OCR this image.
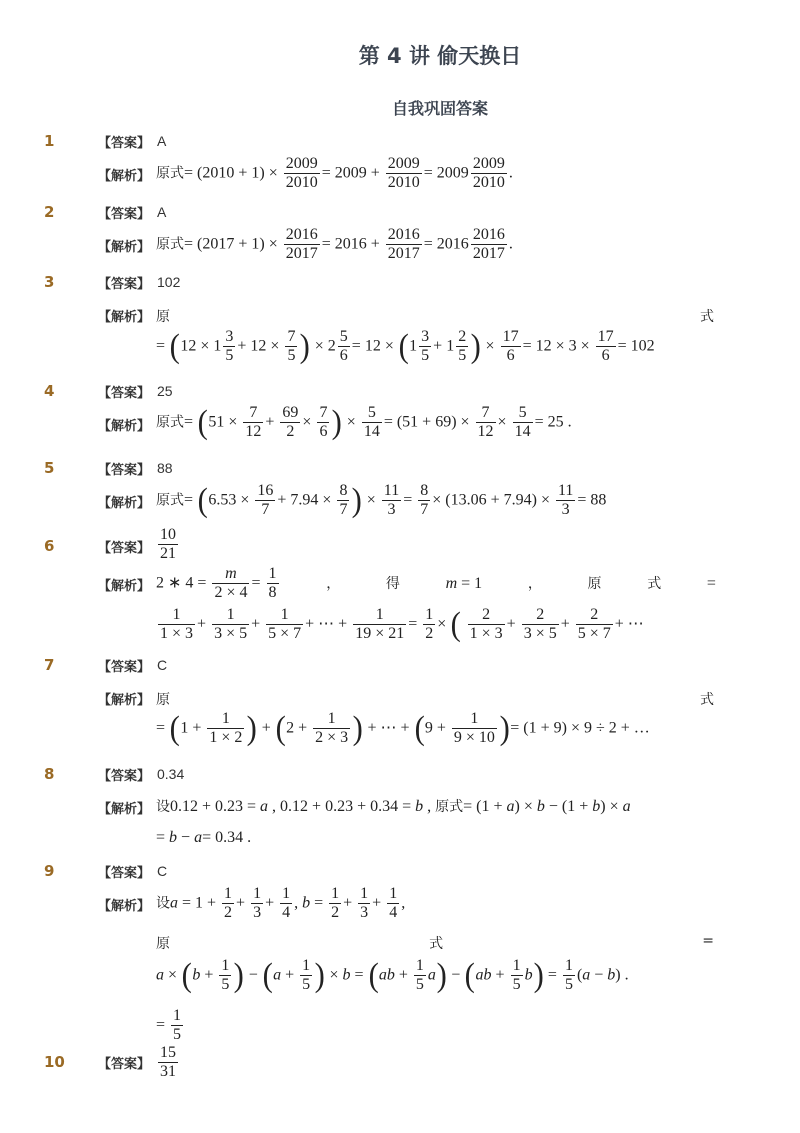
第 4 讲 偷天换日
自我巩固答案
1	【答案】 A
【解析】 原式= $(2010 + 1) \times \frac{2009}{2010} = 2009 + \frac{2009}{2010} = 2009 \frac{2009}{2010}$ .
2	【答案】 A
【解析】 原式= $(2017 + 1) \times \frac{2016}{2017} = 2016 + \frac{2016}{2017} = 2016 \frac{2016}{2017}$ .
3	【答案】 102
【解析】 原	式
= ($12 \times 1 \frac{3}{5} + 12 \times \frac{7}{5}$ ) × $2 \frac{5}{6} = 12 \times (1 \frac{3}{5} + 1 \frac{2}{5}$ ) × $\frac{17}{6} = 12 \times 3 \times \frac{17}{6} = 102$
4	【答案】 25
【解析】 原式= ($51 \times \frac{7}{12} + \frac{69}{2} \times \frac{7}{6}$ ) × $\frac{5}{14} = (51 + 69) \times \frac{7}{12} \times \frac{5}{14} = 25$ .
5	【答案】 88
【解析】 原式= ($6.53 \times \frac{16}{7} + 7.94 \times \frac{8}{7}$ ) × $\frac{11}{3} = \frac{8}{7} \times (13.06 + 7.94) \times \frac{11}{3} = 88$
6	【答案】 $\frac{10}{21}$
【解析】 2 ∗ $4 = \frac{m}{2 \times 4} = \frac{1}{8}$	，	得	m = 1	，	原	式	=
$\frac{1}{1 \times 3} + \frac{1}{3 \times 5} + \frac{1}{5 \times 7}$ + ⋯ + $\frac{1}{19 \times 21} = \frac{1}{2}$ × ( $\frac{2}{1 \times 3} + \frac{2}{3 \times 5} + \frac{2}{5 \times 7}$ + ⋯
7	【答案】 C
【解析】 原	式
= ($1 + \frac{1}{1 \times 2}$ ) + ($2 + \frac{1}{2 \times 3}$ ) + ⋯ + ($9 + \frac{1}{9 \times 10}$ )= (1 + 9) × 9 ÷ 2 + …
8	【答案】 0.34
【解析】 设0.12 + 0.23 = a , 0.12 + 0.23 + 0.34 = b , 原式= (1 + a) × b − (1 + b) × a
= b − a= 0.34 .
9	【答案】 C
【解析】 设$a = 1 + \frac{1}{2} + \frac{1}{3} + \frac{1}{4}$ , $b = \frac{1}{2} + \frac{1}{3} + \frac{1}{4}$ ,
原	式	=
$a \times (b + \frac{1}{5}$ ) − ($a + \frac{1}{5}$ ) × $b = (ab + \frac{1}{5} a) - (ab + \frac{1}{5} b) = \frac{1}{5} (a - b)$ .
= $\frac{1}{5}$
10	【答案】 $\frac{15}{31}$
